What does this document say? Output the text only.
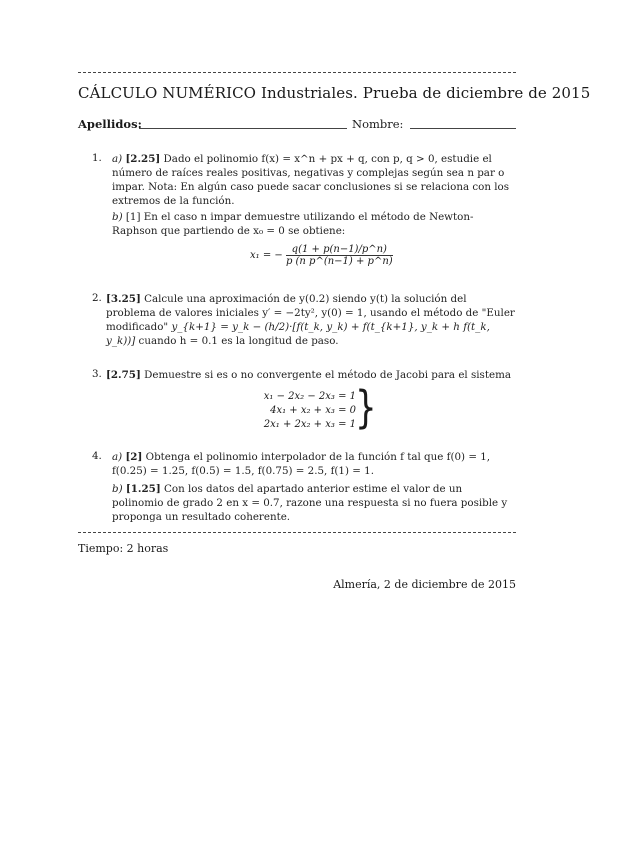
CÁLCULO NUMÉRICO Industriales. Prueba de diciembre de 2015
Apellidos:	Nombre:
1. a) [2.25] Dado el polinomio f(x) = x^n + px + q, con p, q > 0, estudie el número de raíces reales positivas, negativas y complejas según sea n par o impar. Nota: En algún caso puede sacar conclusiones si se relaciona con los extremos de la función.
b) [1] En el caso n impar demuestre utilizando el método de Newton-Raphson que partiendo de x₀ = 0 se obtiene:
x₁ = − $\frac{q(1 + p(n-1)/p\^{}n)}{\text{p (n p\textasciicircum{}(n−1) + p\textasciicircum{}n)}}$
2. [3.25] Calcule una aproximación de y(0.2) siendo y(t) la solución del problema de valores iniciales y′ = −2ty², y(0) = 1, usando el método de "Euler modificado" y_{k+1} = y_k − (h/2)·[f(t_k, y_k) + f(t_{k+1}, y_k + h f(t_k, y_k))] cuando h = 0.1 es la longitud de paso.
3. [2.75] Demuestre si es o no convergente el método de Jacobi para el sistema
x₁ − 2x₂ − 2x₃ = 1
4x₁ + x₂ + x₃ = 0
2x₁ + 2x₂ + x₃ = 1 }
4. a) [2] Obtenga el polinomio interpolador de la función f tal que f(0) = 1, f(0.25) = 1.25, f(0.5) = 1.5, f(0.75) = 2.5, f(1) = 1.
b) [1.25] Con los datos del apartado anterior estime el valor de un polinomio de grado 2 en x = 0.7, razone una respuesta si no fuera posible y proponga un resultado coherente.
Tiempo: 2 horas
Almería, 2 de diciembre de 2015
